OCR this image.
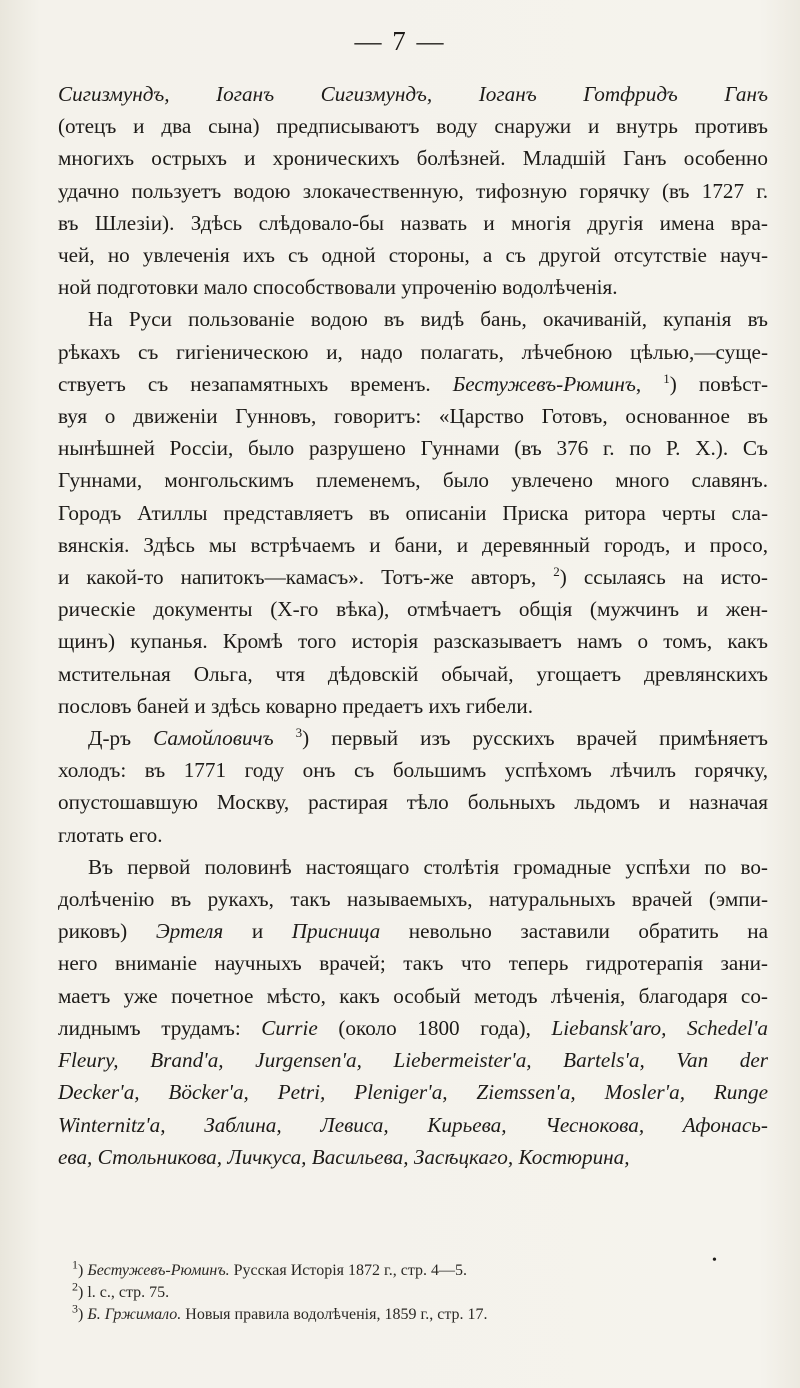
— 7 —
Сигизмундъ, Іоганъ Сигизмундъ, Іоганъ Готфридъ Ганъ
(отецъ и два сына) предписываютъ воду снаружи и внутрь противъ
многихъ острыхъ и хроническихъ болѣзней. Младшій Ганъ особенно
удачно пользуетъ водою злокачественную, тифозную горячку (въ 1727 г.
въ Шлезіи). Здѣсь слѣдовало-бы назвать и многія другія имена вра-
чей, но увлеченія ихъ съ одной стороны, а съ другой отсутствіе науч-
ной подготовки мало способствовали упроченію водолѣченія.
На Руси пользованіе водою въ видѣ бань, окачиваній, купанія въ
рѣкахъ съ гигіеническою и, надо полагать, лѣчебною цѣлью,—суще-
ствуетъ съ незапамятныхъ временъ. Бестужевъ-Рюминъ, $^1$) повѣст-
вуя о движеніи Гунновъ, говоритъ: «Царство Готовъ, основанное въ
нынѣшней Россіи, было разрушено Гуннами (въ 376 г. по Р. Х.). Съ
Гуннами, монгольскимъ племенемъ, было увлечено много славянъ.
Городъ Атиллы представляетъ въ описаніи Приска ритора черты сла-
вянскія. Здѣсь мы встрѣчаемъ и бани, и деревянный городъ, и просо,
и какой-то напитокъ—камасъ». Тотъ-же авторъ, $^2$) ссылаясь на исто-
рическіе документы (Х-го вѣка), отмѣчаетъ общія (мужчинъ и жен-
щинъ) купанья. Кромѣ того исторія разсказываетъ намъ о томъ, какъ
мстительная Ольга, чтя дѣдовскій обычай, угощаетъ древлянскихъ
пословъ баней и здѣсь коварно предаетъ ихъ гибели.
Д-ръ Самойловичъ $^3$) первый изъ русскихъ врачей примѣняетъ
холодъ: въ 1771 году онъ съ большимъ успѣхомъ лѣчилъ горячку,
опустошавшую Москву, растирая тѣло больныхъ льдомъ и назначая
глотать его.
Въ первой половинѣ настоящаго столѣтія громадные успѣхи по во-
долѣченію въ рукахъ, такъ называемыхъ, натуральныхъ врачей (эмпи-
риковъ) Эртеля и Присница невольно заставили обратить на
него вниманіе научныхъ врачей; такъ что теперь гидротерапія зани-
маетъ уже почетное мѣсто, какъ особый методъ лѣченія, благодаря со-
лиднымъ трудамъ: Currie (около 1800 года), Liebansk'aro, Schedel'a
Fleury, Brand'a, Jurgensen'a, Liebermeister'a, Bartels'a, Van der
Decker'a, Böcker'a, Petri, Pleniger'a, Ziemssen'a, Mosler'a, Runge
Winternitz'a, Заблина, Левиса, Кирьева, Чеснокова, Афонась-
ева, Стольникова, Личкуса, Васильева, Засѣцкаго, Костюрина,
•
$^1$) Бестужевъ-Рюминъ. Русская Исторія 1872 г., стр. 4—5.
$^2$) l. c., стр. 75.
$^3$) Б. Гржимало. Новыя правила водолѣченія, 1859 г., стр. 17.
